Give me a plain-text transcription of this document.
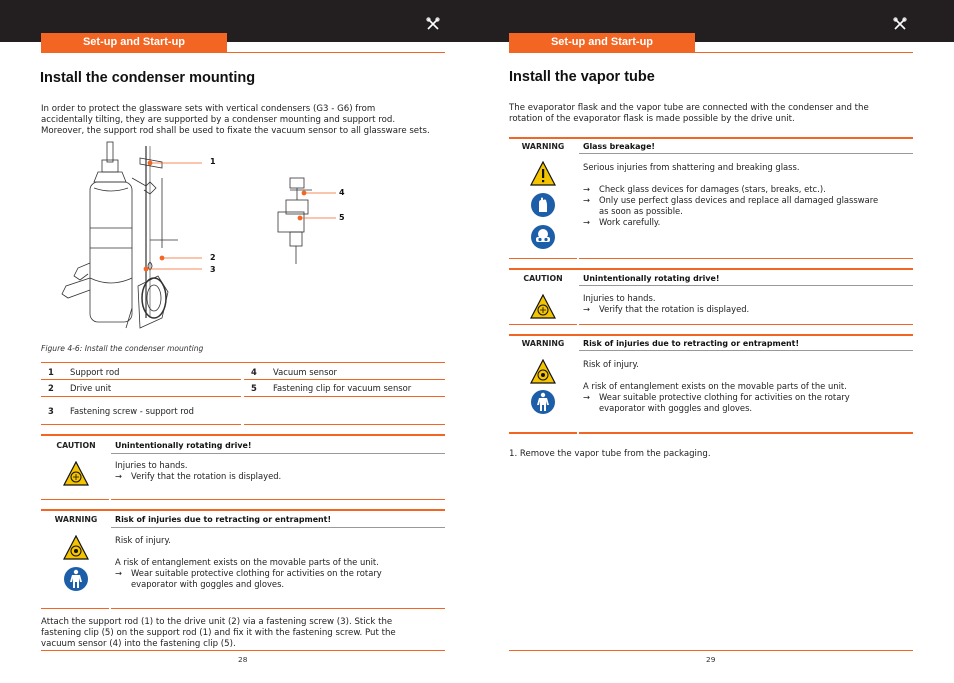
Set-up and Start-up	Set-up and Start-up
Install the condenser mounting
In order to protect the glassware sets with vertical condensers (G3 - G6) from
accidentally tilting, they are supported by a condenser mounting and support rod.
Moreover, the support rod shall be used to fixate the vacuum sensor to all glassware sets.
1
2
3
4
5
Figure 4-6: Install the condenser mounting
1 Support rod	4 Vacuum sensor
2 Drive unit	5 Fastening clip for vacuum sensor
3 Fastening screw - support rod
CAUTION	Unintentionally rotating drive!
Injuries to hands.
→ Verify that the rotation is displayed.
WARNING	Risk of injuries due to retracting or entrapment!
Risk of injury.
A risk of entanglement exists on the movable parts of the unit.
→ Wear suitable protective clothing for activities on the rotary
evaporator with goggles and gloves.
Attach the support rod (1) to the drive unit (2) via a fastening screw (3). Stick the
fastening clip (5) on the support rod (1) and fix it with the fastening screw. Put the
vacuum sensor (4) into the fastening clip (5).
28
Install the vapor tube
The evaporator flask and the vapor tube are connected with the condenser and the
rotation of the evaporator flask is made possible by the drive unit.
WARNING	Glass breakage!
Serious injuries from shattering and breaking glass.
→ Check glass devices for damages (stars, breaks, etc.).
→ Only use perfect glass devices and replace all damaged glassware
as soon as possible.
→ Work carefully.
CAUTION	Unintentionally rotating drive!
Injuries to hands.
→ Verify that the rotation is displayed.
WARNING	Risk of injuries due to retracting or entrapment!
Risk of injury.
A risk of entanglement exists on the movable parts of the unit.
→ Wear suitable protective clothing for activities on the rotary
evaporator with goggles and gloves.
1. Remove the vapor tube from the packaging.
29
